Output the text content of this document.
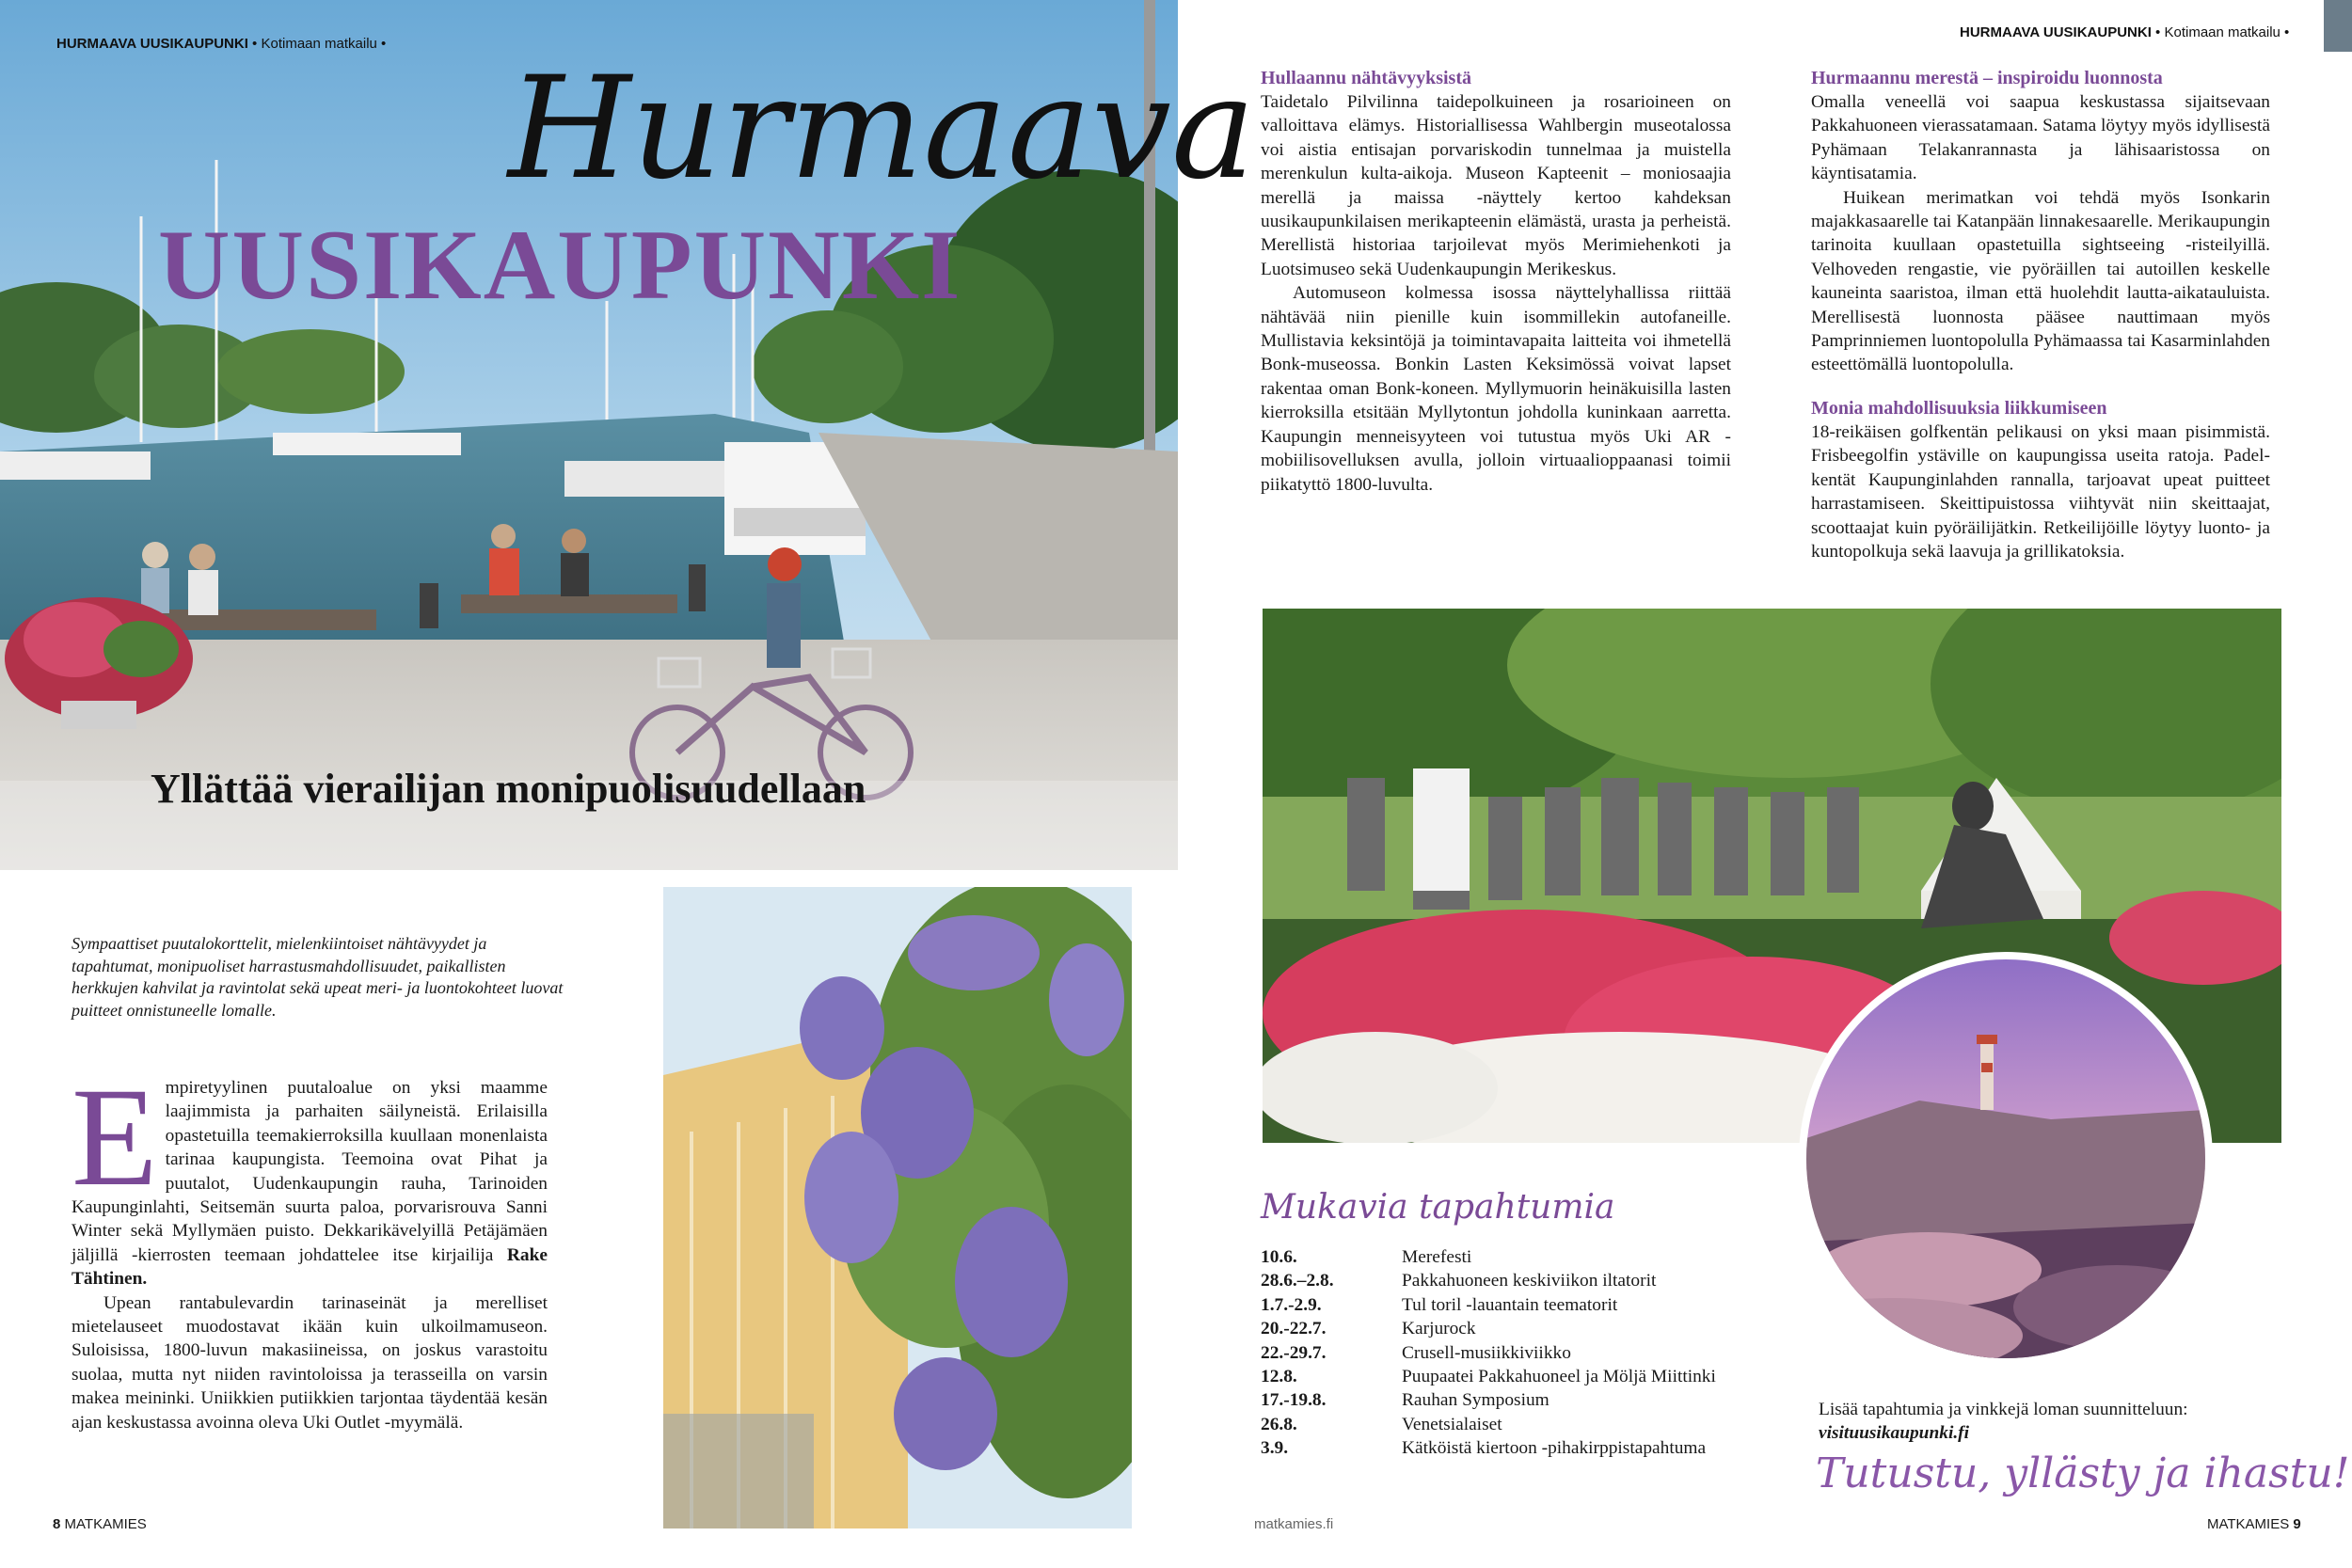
HURMAAVA UUSIKAUPUNKI • Kotimaan matkailu •
Hurmaava
UUSIKAUPUNKI
Yllättää vierailijan monipuolisuudellaan
Sympaattiset puutalokorttelit, mielenkiintoiset nähtävyydet ja tapahtumat, monipuoliset harrastusmahdollisuudet, paikallisten herkkujen kahvilat ja ravintolat sekä upeat meri- ja luontokohteet luovat puitteet onnistuneelle lomalle.

Empiretyylinen puutaloalue on yksi maamme laajimmista ja parhaiten säilyneistä. Erilaisilla opastetuilla teemakierroksilla kuullaan monenlaista tarinaa kaupungista. Teemoina ovat Pihat ja puutalot, Uudenkaupungin rauha, Tarinoiden Kaupunginlahti, Seitsemän suurta paloa, porvarisrouva Sanni Winter sekä Myllymäen puisto. Dekkarikävelyillä Petäjämäen jäljillä -kierrosten teemaan johdattelee itse kirjailija Rake Tähtinen.

Upean rantabulevardin tarinaseinät ja merelliset mietelauseet muodostavat ikään kuin ulkoilmamuseon. Suloisissa, 1800-luvun makasiineissa, on joskus varastoitu suolaa, mutta nyt niiden ravintoloissa ja terasseilla on varsin makea meininki. Uniikkien putiikkien tarjontaa täydentää kesän ajan keskustassa avoinna oleva Uki Outlet -myymälä.

8 MATKAMIES
HURMAAVA UUSIKAUPUNKI • Kotimaan matkailu •
Hullaannu nähtävyyksistä

Taidetalo Pilvilinna taidepolkuineen ja rosarioineen on valloittava elämys. Historiallisessa Wahlbergin museotalossa voi aistia entisajan porvariskodin tunnelmaa ja muistella merenkulun kulta-aikoja. Museon Kapteenit – moniosaajia merellä ja maissa -näyttely kertoo kahdeksan uusikaupunkilaisen merikapteenin elämästä, urasta ja perheistä. Merellistä historiaa tarjoilevat myös Merimiehenkoti ja Luotsimuseo sekä Uudenkaupungin Merikeskus.

Automuseon kolmessa isossa näyttelyhallissa riittää nähtävää niin pienille kuin isommillekin autofaneille. Mullistavia keksintöjä ja toimintavapaita laitteita voi ihmetellä Bonk-museossa. Bonkin Lasten Keksimössä voivat lapset rakentaa oman Bonk-koneen. Myllymuorin heinäkuisilla lasten kierroksilla etsitään Myllytontun johdolla kuninkaan aarretta. Kaupungin menneisyyteen voi tutustua myös Uki AR -mobiilisovelluksen avulla, jolloin virtuaalioppaanasi toimii piikatyttö 1800-luvulta.

Hurmaannu merestä – inspiroidu luonnosta

Omalla veneellä voi saapua keskustassa sijaitsevaan Pakkahuoneen vierassatamaan. Satama löytyy myös idyllisestä Pyhämaan Telakanrannasta ja lähisaaristossa on käyntisatamia.

Huikean merimatkan voi tehdä myös Isonkarin majakkasaarelle tai Katanpään linnakesaarelle. Merikaupungin tarinoita kuullaan opastetuilla sightseeing -risteilyillä. Velhoveden rengastie, vie pyöräillen tai autoillen keskelle kauneinta saaristoa, ilman että huolehdit lautta-aikatauluista. Merellisestä luonnosta pääsee nauttimaan myös Pamprinniemen luontopolulla Pyhämaassa tai Kasarminlahden esteettömällä luontopolulla.

Monia mahdollisuuksia liikkumiseen

18-reikäisen golfkentän pelikausi on yksi maan pisimmistä. Frisbeegolfin ystäville on kaupungissa useita ratoja. Padel-kentät Kaupunginlahden rannalla, tarjoavat upeat puitteet harrastamiseen. Skeittipuistossa viihtyvät niin skeittaajat, scoottaajat kuin pyöräilijätkin. Retkeilijöille löytyy luonto- ja kuntopolkuja sekä laavuja ja grillikatoksia.

Mukavia tapahtumia
10.6.	Merefesti
28.6.–2.8.	Pakkahuoneen keskiviikon iltatorit
1.7.-2.9.	Tul toril -lauantain teematorit
20.-22.7.	Karjurock
22.-29.7.	Crusell-musiikkiviikko
12.8.	Puupaatei Pakkahuoneel ja Möljä Miittinki
17.-19.8.	Rauhan Symposium
26.8.	Venetsialaiset
3.9.	Kätköistä kiertoon -pihakirppistapahtuma
Lisää tapahtumia ja vinkkejä loman suunnitteluun:
visituusikaupunki.fi
Tutustu, yllästy ja ihastu!
matkamies.fi	MATKAMIES 9
